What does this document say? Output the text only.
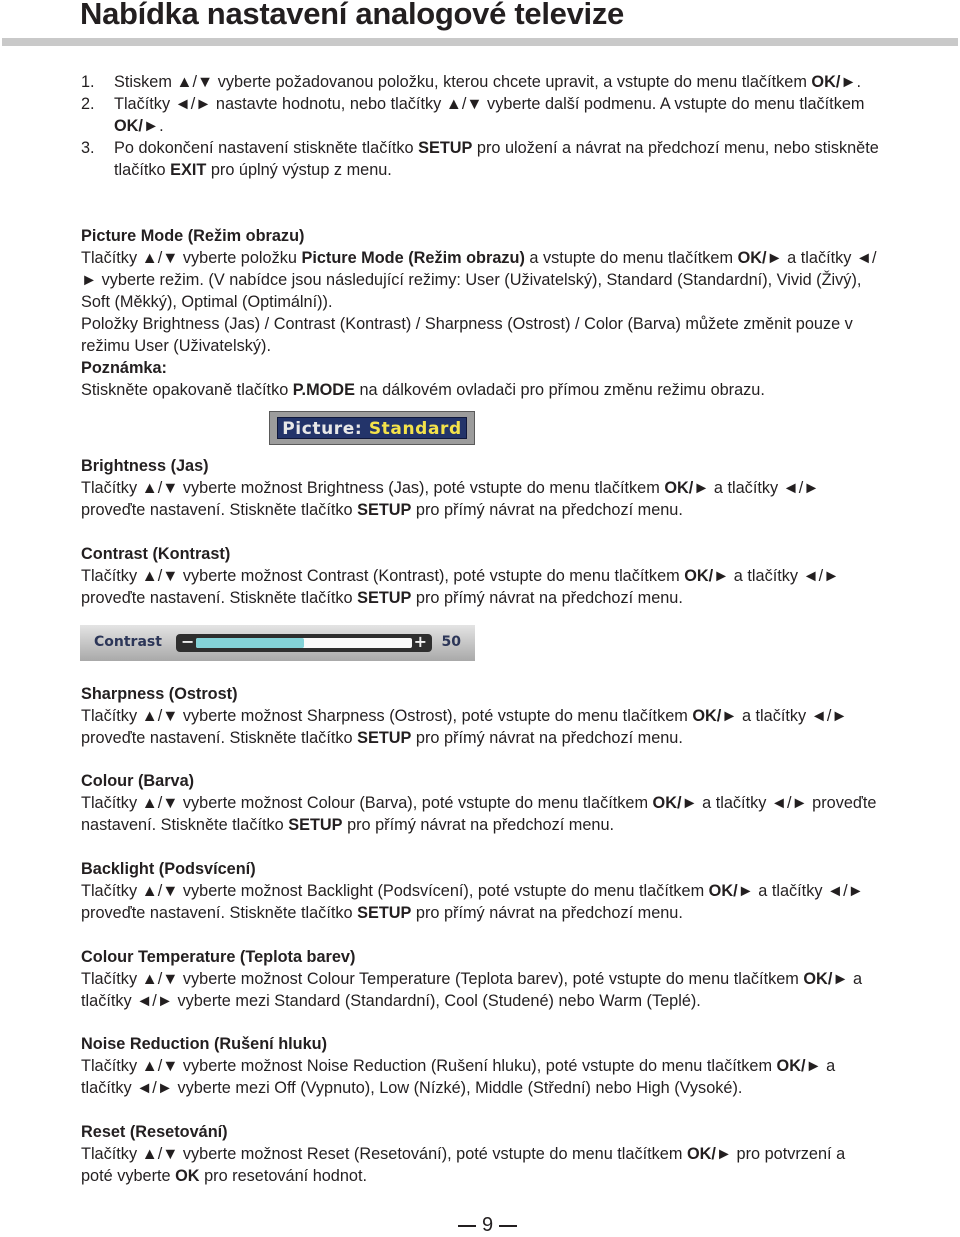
Nabídka nastavení analogové televize
1. Stiskem ▲/▼ vyberte požadovanou položku, kterou chcete upravit, a vstupte do menu tlačítkem OK/►.
2. Tlačítky ◄/► nastavte hodnotu, nebo tlačítky ▲/▼ vyberte další podmenu. A vstupte do menu tlačítkem OK/►.
3. Po dokončení nastavení stiskněte tlačítko SETUP pro uložení a návrat na předchozí menu, nebo stiskněte tlačítko EXIT pro úplný výstup z menu.
Picture Mode (Režim obrazu)
Tlačítky ▲/▼ vyberte položku Picture Mode (Režim obrazu) a vstupte do menu tlačítkem OK/► a tlačítky ◄/► vyberte režim. (V nabídce jsou následující režimy: User (Uživatelský), Standard (Standardní), Vivid (Živý), Soft (Měkký), Optimal (Optimální)).
Položky Brightness (Jas) / Contrast (Kontrast) / Sharpness (Ostrost) / Color (Barva) můžete změnit pouze v režimu User (Uživatelský).
Poznámka:
Stiskněte opakovaně tlačítko P.MODE na dálkovém ovladači pro přímou změnu režimu obrazu.
Picture: Standard
Brightness (Jas)
Tlačítky ▲/▼ vyberte možnost Brightness (Jas), poté vstupte do menu tlačítkem OK/► a tlačítky ◄/► proveďte nastavení. Stiskněte tlačítko SETUP pro přímý návrat na předchozí menu.
Contrast (Kontrast)
Tlačítky ▲/▼ vyberte možnost Contrast (Kontrast), poté vstupte do menu tlačítkem OK/► a tlačítky ◄/► proveďte nastavení. Stiskněte tlačítko SETUP pro přímý návrat na předchozí menu.
Contrast −	+ 50
Sharpness (Ostrost)
Tlačítky ▲/▼ vyberte možnost Sharpness (Ostrost), poté vstupte do menu tlačítkem OK/► a tlačítky ◄/► proveďte nastavení. Stiskněte tlačítko SETUP pro přímý návrat na předchozí menu.
Colour (Barva)
Tlačítky ▲/▼ vyberte možnost Colour (Barva), poté vstupte do menu tlačítkem OK/► a tlačítky ◄/► proveďte nastavení. Stiskněte tlačítko SETUP pro přímý návrat na předchozí menu.
Backlight (Podsvícení)
Tlačítky ▲/▼ vyberte možnost Backlight (Podsvícení), poté vstupte do menu tlačítkem OK/► a tlačítky ◄/► proveďte nastavení. Stiskněte tlačítko SETUP pro přímý návrat na předchozí menu.
Colour Temperature (Teplota barev)
Tlačítky ▲/▼ vyberte možnost Colour Temperature (Teplota barev), poté vstupte do menu tlačítkem OK/► a tlačítky ◄/► vyberte mezi Standard (Standardní), Cool (Studené) nebo Warm (Teplé).
Noise Reduction (Rušení hluku)
Tlačítky ▲/▼ vyberte možnost Noise Reduction (Rušení hluku), poté vstupte do menu tlačítkem OK/► a tlačítky ◄/► vyberte mezi Off (Vypnuto), Low (Nízké), Middle (Střední) nebo High (Vysoké).
Reset (Resetování)
Tlačítky ▲/▼ vyberte možnost Reset (Resetování), poté vstupte do menu tlačítkem OK/► pro potvrzení a poté vyberte OK pro resetování hodnot.
9
